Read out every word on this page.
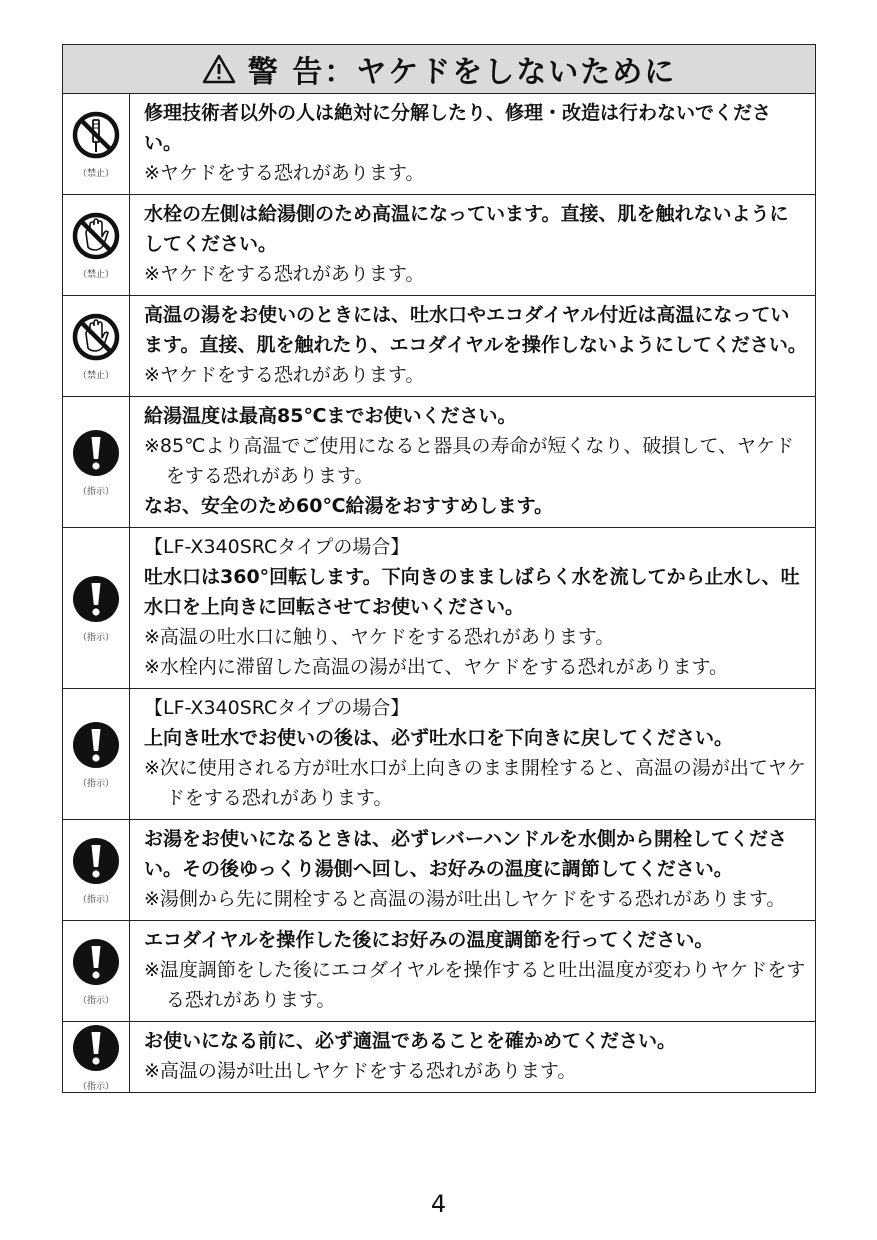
警 告：ヤケドをしないために
（禁止）
修理技術者以外の人は絶対に分解したり、修理・改造は行わないでください。
※ヤケドをする恐れがあります。
（禁止）
水栓の左側は給湯側のため高温になっています。直接、肌を触れないようにしてください。
※ヤケドをする恐れがあります。
（禁止）
高温の湯をお使いのときには、吐水口やエコダイヤル付近は高温になっています。直接、肌を触れたり、エコダイヤルを操作しないようにしてください。
※ヤケドをする恐れがあります。
（指示）
給湯温度は最高85℃までお使いください。
※85℃より高温でご使用になると器具の寿命が短くなり、破損して、ヤケドをする恐れがあります。
なお、安全のため60℃給湯をおすすめします。
（指示）
【LF-X340SRCタイプの場合】
吐水口は360°回転します。下向きのまましばらく水を流してから止水し、吐水口を上向きに回転させてお使いください。
※高温の吐水口に触り、ヤケドをする恐れがあります。
※水栓内に滞留した高温の湯が出て、ヤケドをする恐れがあります。
（指示）
【LF-X340SRCタイプの場合】
上向き吐水でお使いの後は、必ず吐水口を下向きに戻してください。
※次に使用される方が吐水口が上向きのまま開栓すると、高温の湯が出てヤケドをする恐れがあります。
（指示）
お湯をお使いになるときは、必ずレバーハンドルを水側から開栓してください。その後ゆっくり湯側へ回し、お好みの温度に調節してください。
※湯側から先に開栓すると高温の湯が吐出しヤケドをする恐れがあります。
（指示）
エコダイヤルを操作した後にお好みの温度調節を行ってください。
※温度調節をした後にエコダイヤルを操作すると吐出温度が変わりヤケドをする恐れがあります。
（指示）
お使いになる前に、必ず適温であることを確かめてください。
※高温の湯が吐出しヤケドをする恐れがあります。
4
